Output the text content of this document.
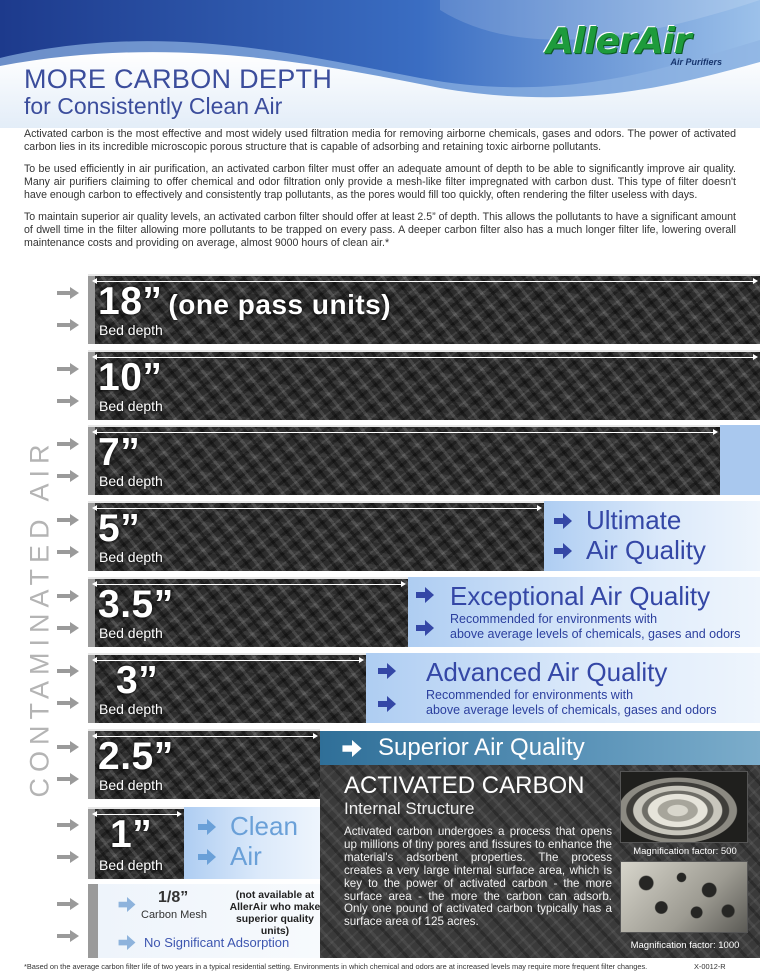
AllerAir
Air Purifiers
MORE CARBON DEPTH
for Consistently Clean Air

Activated carbon is the most effective and most widely used filtration media for removing airborne chemicals, gases and odors. The power of activated carbon lies in its incredible microscopic porous structure that is capable of adsorbing and retaining toxic airborne pollutants.

To be used efficiently in air purification, an activated carbon filter must offer an adequate amount of depth to be able to significantly improve air quality. Many air purifiers claiming to offer chemical and odor filtration only provide a mesh-like filter impregnated with carbon dust. This type of filter doesn't have enough carbon to effectively and consistently trap pollutants, as the pores would fill too quickly, often rendering the filter useless with days.

To maintain superior air quality levels, an activated carbon filter should offer at least 2.5” of depth. This allows the pollutants to have a significant amount of dwell time in the filter allowing more pollutants to be trapped on every pass. A deeper carbon filter also has a much longer filter life, lowering overall maintenance costs and providing on average, almost 9000 hours of clean air.*

CONTAMINATED AIR
18” (one pass units)
Bed depth
10”
Bed depth
7”
Bed depth
5”
Bed depth
Ultimate
Air Quality
3.5”
Bed depth
Exceptional Air Quality
Recommended for environments with
above average levels of chemicals, gases and odors
3”
Bed depth
Advanced Air Quality
Recommended for environments with
above average levels of chemicals, gases and odors
2.5”
Bed depth
Superior Air Quality
1”
Bed depth
Clean
Air
ACTIVATED CARBON
Internal Structure
Activated carbon undergoes a process that opens up millions of tiny pores and fissures to enhance the material's adsorbent properties. The process creates a very large internal surface area, which is key to the power of activated carbon - the more surface area - the more the carbon can adsorb. Only one pound of activated carbon typically has a surface area of 125 acres.
Magnification factor: 500
Magnification factor: 1000
1/8”
Carbon Mesh
(not available at AllerAir who make superior quality units)
No Significant Adsorption
*Based on the average carbon filter life of two years in a typical residential setting. Environments in which chemical and odors are at increased levels may require more frequent filter changes.	X-0012-R
